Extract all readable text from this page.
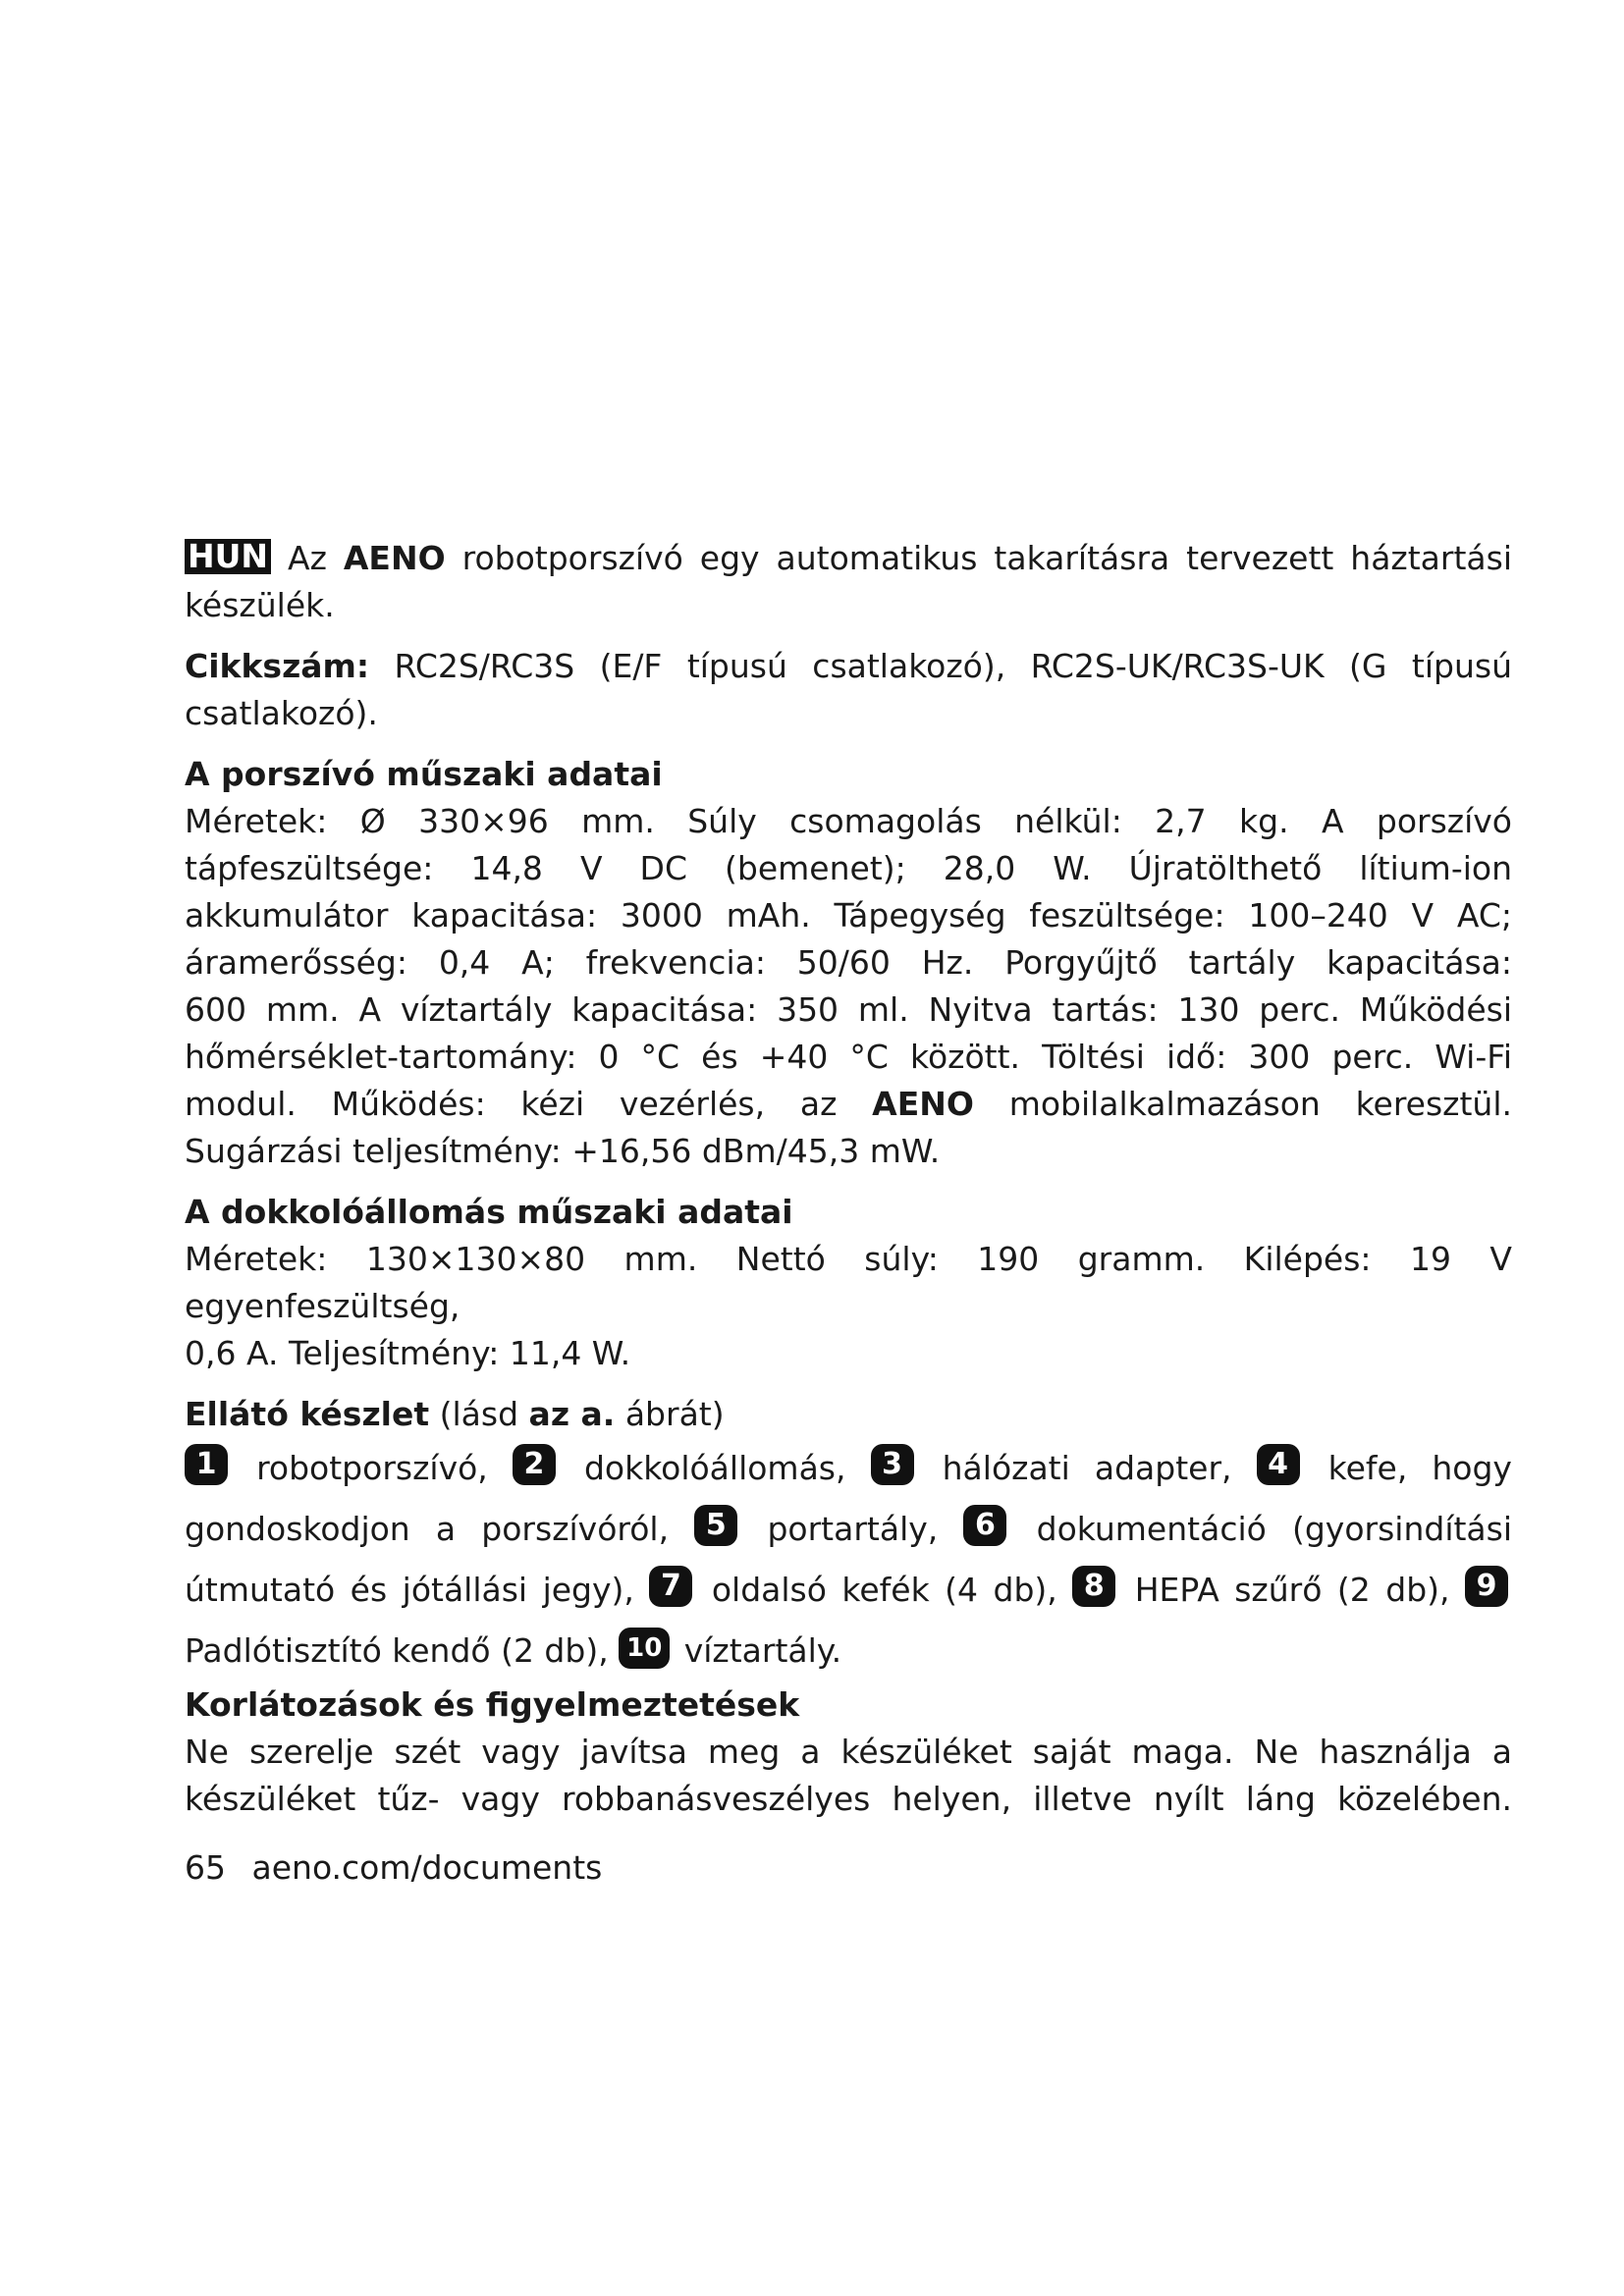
HUN Az AENO robotporszívó egy automatikus takarításra tervezett háztartási készülék.

Cikkszám: RC2S/RC3S (E/F típusú csatlakozó), RC2S-UK/RC3S-UK (G típusú csatlakozó).

A porszívó műszaki adatai

Méretek: Ø 330×96 mm. Súly csomagolás nélkül: 2,7 kg. A porszívó

tápfeszültsége: 14,8 V DC (bemenet); 28,0 W. Újratölthető lítium-ion

akkumulátor kapacitása: 3000 mAh. Tápegység feszültsége: 100–240 V AC;

áramerősség: 0,4 A; frekvencia: 50/60 Hz. Porgyűjtő tartály kapacitása:

600 mm. A víztartály kapacitása: 350 ml. Nyitva tartás: 130 perc. Működési

hőmérséklet-tartomány: 0 °C és +40 °C között. Töltési idő: 300 perc. Wi-Fi

modul. Működés: kézi vezérlés, az AENO mobilalkalmazáson keresztül.

Sugárzási teljesítmény: +16,56 dBm/45,3 mW.

A dokkolóállomás műszaki adatai

Méretek: 130×130×80 mm. Nettó súly: 190 gramm. Kilépés: 19 V egyenfeszültség,

0,6 A. Teljesítmény: 11,4 W.

Ellátó készlet (lásd az a. ábrát)

1 robotporszívó, 2 dokkolóállomás, 3 hálózati adapter, 4 kefe, hogy gondoskodjon a porszívóról, 5 portartály, 6 dokumentáció (gyorsindítási útmutató és jótállási jegy), 7 oldalsó kefék (4 db), 8 HEPA szűrő (2 db), 9 Padlótisztító kendő (2 db), 10 víztartály.

Korlátozások és figyelmeztetések

Ne szerelje szét vagy javítsa meg a készüléket saját maga. Ne használja a

készüléket tűz- vagy robbanásveszélyes helyen, illetve nyílt láng közelében.

65 aeno.com/documents
